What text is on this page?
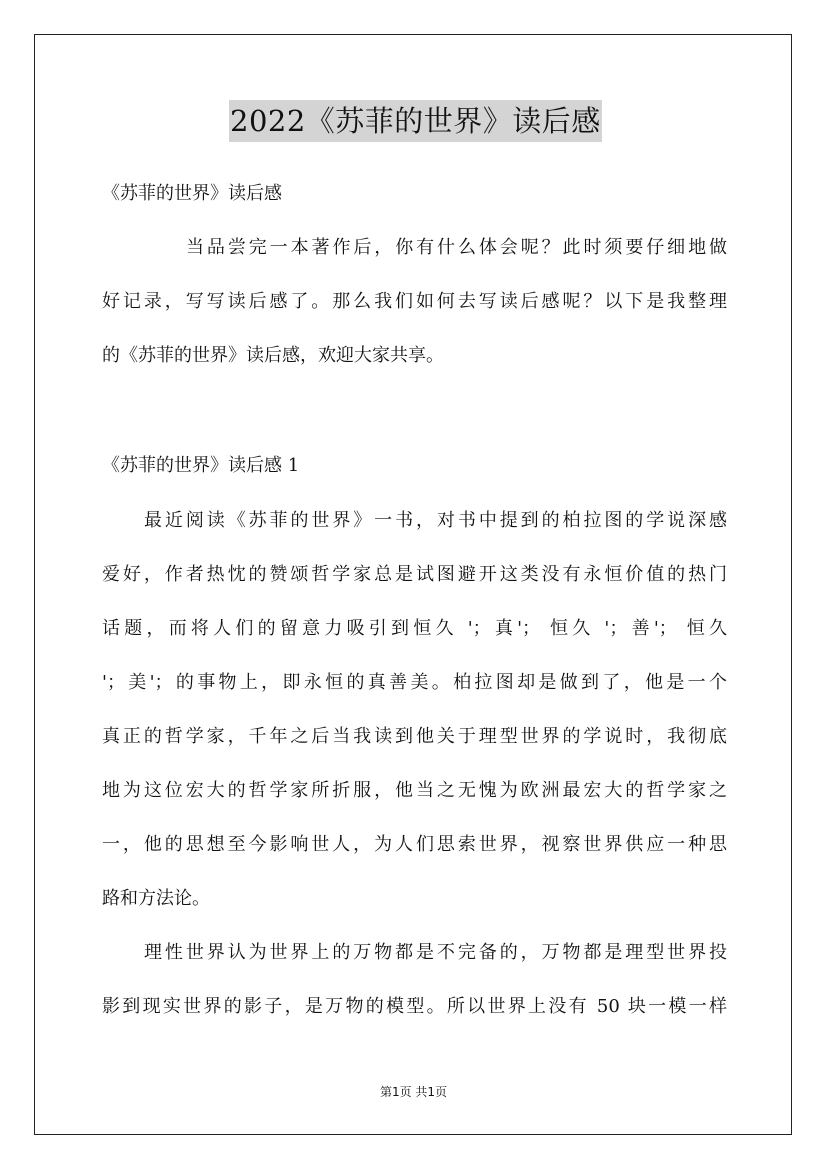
2022《苏菲的世界》读后感
《苏菲的世界》读后感
当品尝完一本著作后，你有什么体会呢？此时须要仔细地做
好记录，写写读后感了。那么我们如何去写读后感呢？以下是我整理
的《苏菲的世界》读后感，欢迎大家共享。
《苏菲的世界》读后感 1
最近阅读《苏菲的世界》一书，对书中提到的柏拉图的学说深感
爱好，作者热忱的赞颂哲学家总是试图避开这类没有永恒价值的热门
话题，而将人们的留意力吸引到恒久 '；真'； 恒久 '；善'； 恒久
'；美'；的事物上，即永恒的真善美。柏拉图却是做到了，他是一个
真正的哲学家，千年之后当我读到他关于理型世界的学说时，我彻底
地为这位宏大的哲学家所折服，他当之无愧为欧洲最宏大的哲学家之
一，他的思想至今影响世人，为人们思索世界，视察世界供应一种思
路和方法论。
理性世界认为世界上的万物都是不完备的，万物都是理型世界投
影到现实世界的影子，是万物的模型。所以世界上没有 50 块一模一样
第1页 共1页
